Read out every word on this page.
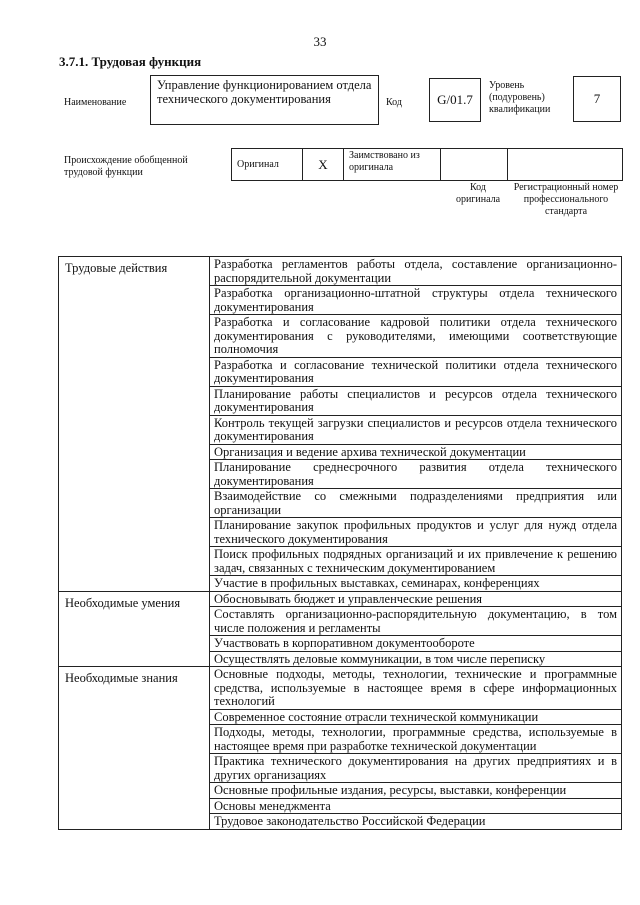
33
3.7.1. Трудовая функция
Наименование
Управление функционированием отдела технического документирования	Код	G/01.7
Уровень (подуровень) квалификации
7
Происхождение обобщенной трудовой функции
Оригинал	X	Заимствовано из оригинала		
Код оригинала
Регистрационный номер профессионального стандарта
Трудовые действия	Разработка регламентов работы отдела, составление организационно-распорядительной документации
	Разработка организационно-штатной структуры отдела технического документирования
	Разработка и согласование кадровой политики отдела технического документирования с руководителями, имеющими соответствующие полномочия
	Разработка и согласование технической политики отдела технического документирования
	Планирование работы специалистов и ресурсов отдела технического документирования
	Контроль текущей загрузки специалистов и ресурсов отдела технического документирования
	Организация и ведение архива технической документации
	Планирование среднесрочного развития отдела технического документирования
	Взаимодействие со смежными подразделениями предприятия или организации
	Планирование закупок профильных продуктов и услуг для нужд отдела технического документирования
	Поиск профильных подрядных организаций и их привлечение к решению задач, связанных с техническим документированием
	Участие в профильных выставках, семинарах, конференциях
Необходимые умения	Обосновывать бюджет и управленческие решения
	Составлять организационно-распорядительную документацию, в том числе положения и регламенты
	Участвовать в корпоративном документообороте
	Осуществлять деловые коммуникации, в том числе переписку
Необходимые знания	Основные подходы, методы, технологии, технические и программные средства, используемые в настоящее время в сфере информационных технологий
	Современное состояние отрасли технической коммуникации
	Подходы, методы, технологии, программные средства, используемые в настоящее время при разработке технической документации
	Практика технического документирования на других предприятиях и в других организациях
	Основные профильные издания, ресурсы, выставки, конференции
	Основы менеджмента
	Трудовое законодательство Российской Федерации
